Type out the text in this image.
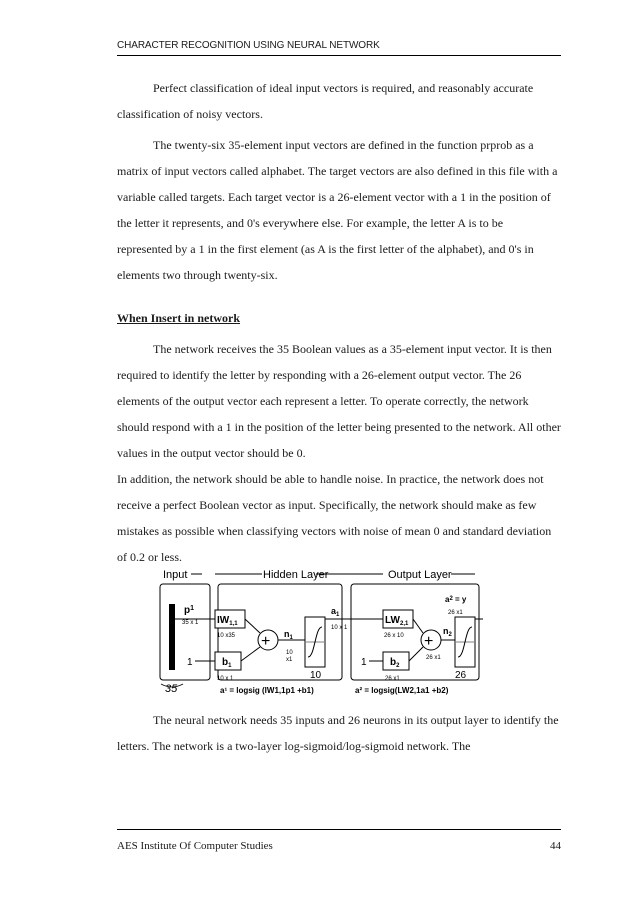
CHARACTER RECOGNITION USING NEURAL NETWORK

Perfect classification of ideal input vectors is required, and reasonably accurate classification of noisy vectors.

The twenty-six 35-element input vectors are defined in the function prprob as a matrix of input vectors called alphabet. The target vectors are also defined in this file with a variable called targets. Each target vector is a 26-element vector with a 1 in the position of the letter it represents, and 0's everywhere else. For example, the letter A is to be represented by a 1 in the first element (as A is the first letter of the alphabet), and 0's in elements two through twenty-six.

When Insert in network

The network receives the 35 Boolean values as a 35-element input vector. It is then required to identify the letter by responding with a 26-element output vector. The 26 elements of the output vector each represent a letter. To operate correctly, the network should respond with a 1 in the position of the letter being presented to the network. All other values in the output vector should be 0.

In addition, the network should be able to handle noise. In practice, the network does not receive a perfect Boolean vector as input. Specifically, the network should make as few mistakes as possible when classifying vectors with noise of mean 0 and standard deviation of 0.2 or less.

Input	Hidden Layer	Output Layer
$p^1$
35 x 1
35
$IW_{1,1}$
10 x35
1	$b_1$
10 x 1
+ $n_1$
10
x1
10
$a_1$
10 x 1
$LW_{2,1}$
26 x 10
1 $b_2$
26 x1
+
$n_2$
26 x1
26
$a^2 = y$
26 x1
a¹ = logsig (IW1,1p1 +b1)	a² = logsig(LW2,1a1 +b2)

The neural network needs 35 inputs and 26 neurons in its output layer to identify the letters. The network is a two-layer log-sigmoid/log-sigmoid network. The

AES Institute Of Computer Studies	44
